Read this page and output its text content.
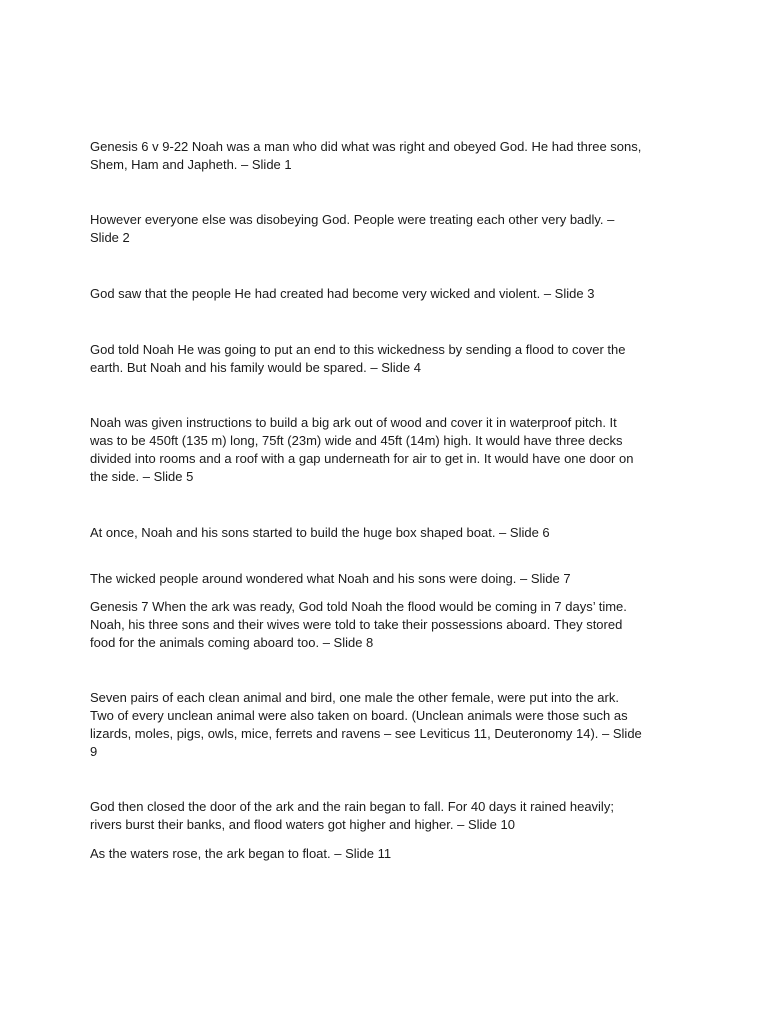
Genesis 6 v 9-22 Noah was a man who did what was right and obeyed God. He had three sons,
Shem, Ham and Japheth. – Slide 1

However everyone else was disobeying God. People were treating each other very badly. –
Slide 2

God saw that the people He had created had become very wicked and violent. – Slide 3

God told Noah He was going to put an end to this wickedness by sending a flood to cover the
earth. But Noah and his family would be spared. – Slide 4

Noah was given instructions to build a big ark out of wood and cover it in waterproof pitch. It
was to be 450ft (135 m) long, 75ft (23m) wide and 45ft (14m) high. It would have three decks
divided into rooms and a roof with a gap underneath for air to get in. It would have one door on
the side. – Slide 5

At once, Noah and his sons started to build the huge box shaped boat. – Slide 6

The wicked people around wondered what Noah and his sons were doing. – Slide 7

Genesis 7 When the ark was ready, God told Noah the flood would be coming in 7 days’ time.
Noah, his three sons and their wives were told to take their possessions aboard. They stored
food for the animals coming aboard too. – Slide 8

Seven pairs of each clean animal and bird, one male the other female, were put into the ark.
Two of every unclean animal were also taken on board. (Unclean animals were those such as
lizards, moles, pigs, owls, mice, ferrets and ravens – see Leviticus 11, Deuteronomy 14). – Slide
9

God then closed the door of the ark and the rain began to fall. For 40 days it rained heavily;
rivers burst their banks, and flood waters got higher and higher. – Slide 10

As the waters rose, the ark began to float. – Slide 11
